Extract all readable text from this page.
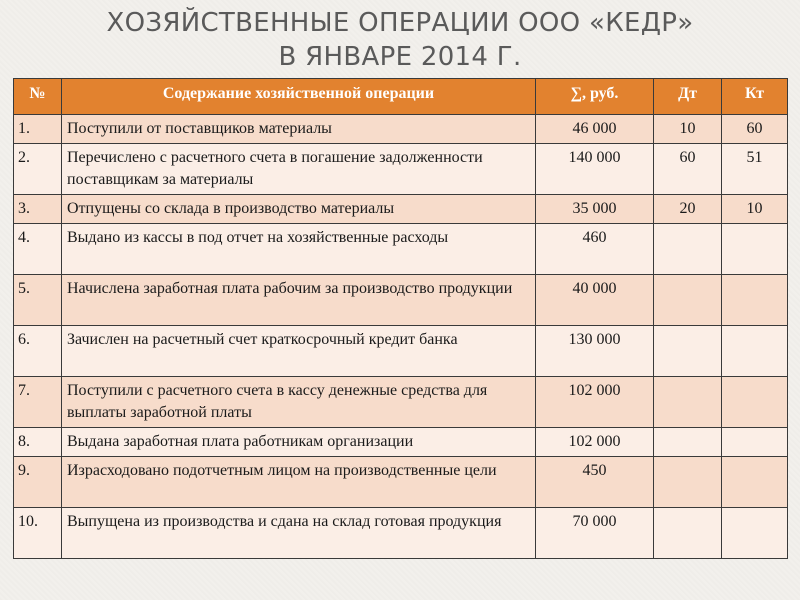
ХОЗЯЙСТВЕННЫЕ ОПЕРАЦИИ ООО «КЕДР»
В ЯНВАРЕ 2014 Г.
№	Содержание хозяйственной операции	∑, руб.	Дт	Кт
1.	Поступили от поставщиков материалы	46 000	10	60
2.	Перечислено с расчетного счета в погашение задолженности поставщикам за материалы	140 000	60	51
3.	Отпущены со склада в производство материалы	35 000	20	10
4.	Выдано из кассы в под отчет на хозяйственные расходы	460		
5.	Начислена заработная плата рабочим за производство продукции	40 000		
6.	Зачислен на расчетный счет краткосрочный кредит банка	130 000		
7.	Поступили с расчетного счета в кассу денежные средства для выплаты заработной платы	102 000		
8.	Выдана заработная плата работникам организации	102 000		
9.	Израсходовано подотчетным лицом на производственные цели	450		
10.	Выпущена из производства и сдана на склад готовая продукция	70 000		
